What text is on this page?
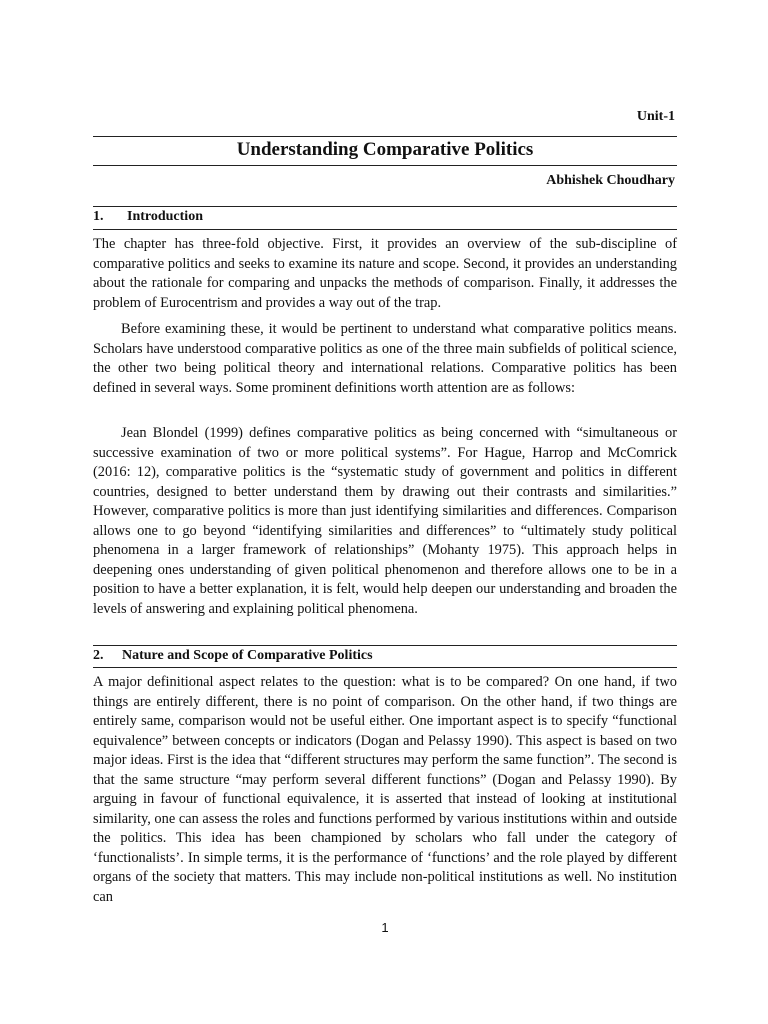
Unit-1
Understanding Comparative Politics
Abhishek Choudhary
1. Introduction

The chapter has three-fold objective. First, it provides an overview of the sub-discipline of comparative politics and seeks to examine its nature and scope. Second, it provides an understanding about the rationale for comparing and unpacks the methods of comparison. Finally, it addresses the problem of Eurocentrism and provides a way out of the trap.

Before examining these, it would be pertinent to understand what comparative politics means. Scholars have understood comparative politics as one of the three main subfields of political science, the other two being political theory and international relations. Comparative politics has been defined in several ways. Some prominent definitions worth attention are as follows:

Jean Blondel (1999) defines comparative politics as being concerned with “simultaneous or successive examination of two or more political systems”. For Hague, Harrop and McComrick (2016: 12), comparative politics is the “systematic study of government and politics in different countries, designed to better understand them by drawing out their contrasts and similarities.” However, comparative politics is more than just identifying similarities and differences. Comparison allows one to go beyond “identifying similarities and differences” to “ultimately study political phenomena in a larger framework of relationships” (Mohanty 1975). This approach helps in deepening ones understanding of given political phenomenon and therefore allows one to be in a position to have a better explanation, it is felt, would help deepen our understanding and broaden the levels of answering and explaining political phenomena.

2. Nature and Scope of Comparative Politics

A major definitional aspect relates to the question: what is to be compared? On one hand, if two things are entirely different, there is no point of comparison. On the other hand, if two things are entirely same, comparison would not be useful either. One important aspect is to specify “functional equivalence” between concepts or indicators (Dogan and Pelassy 1990). This aspect is based on two major ideas. First is the idea that “different structures may perform the same function”. The second is that the same structure “may perform several different functions” (Dogan and Pelassy 1990). By arguing in favour of functional equivalence, it is asserted that instead of looking at institutional similarity, one can assess the roles and functions performed by various institutions within and outside the politics. This idea has been championed by scholars who fall under the category of ‘functionalists’. In simple terms, it is the performance of ‘functions’ and the role played by different organs of the society that matters. This may include non-political institutions as well. No institution can

1
